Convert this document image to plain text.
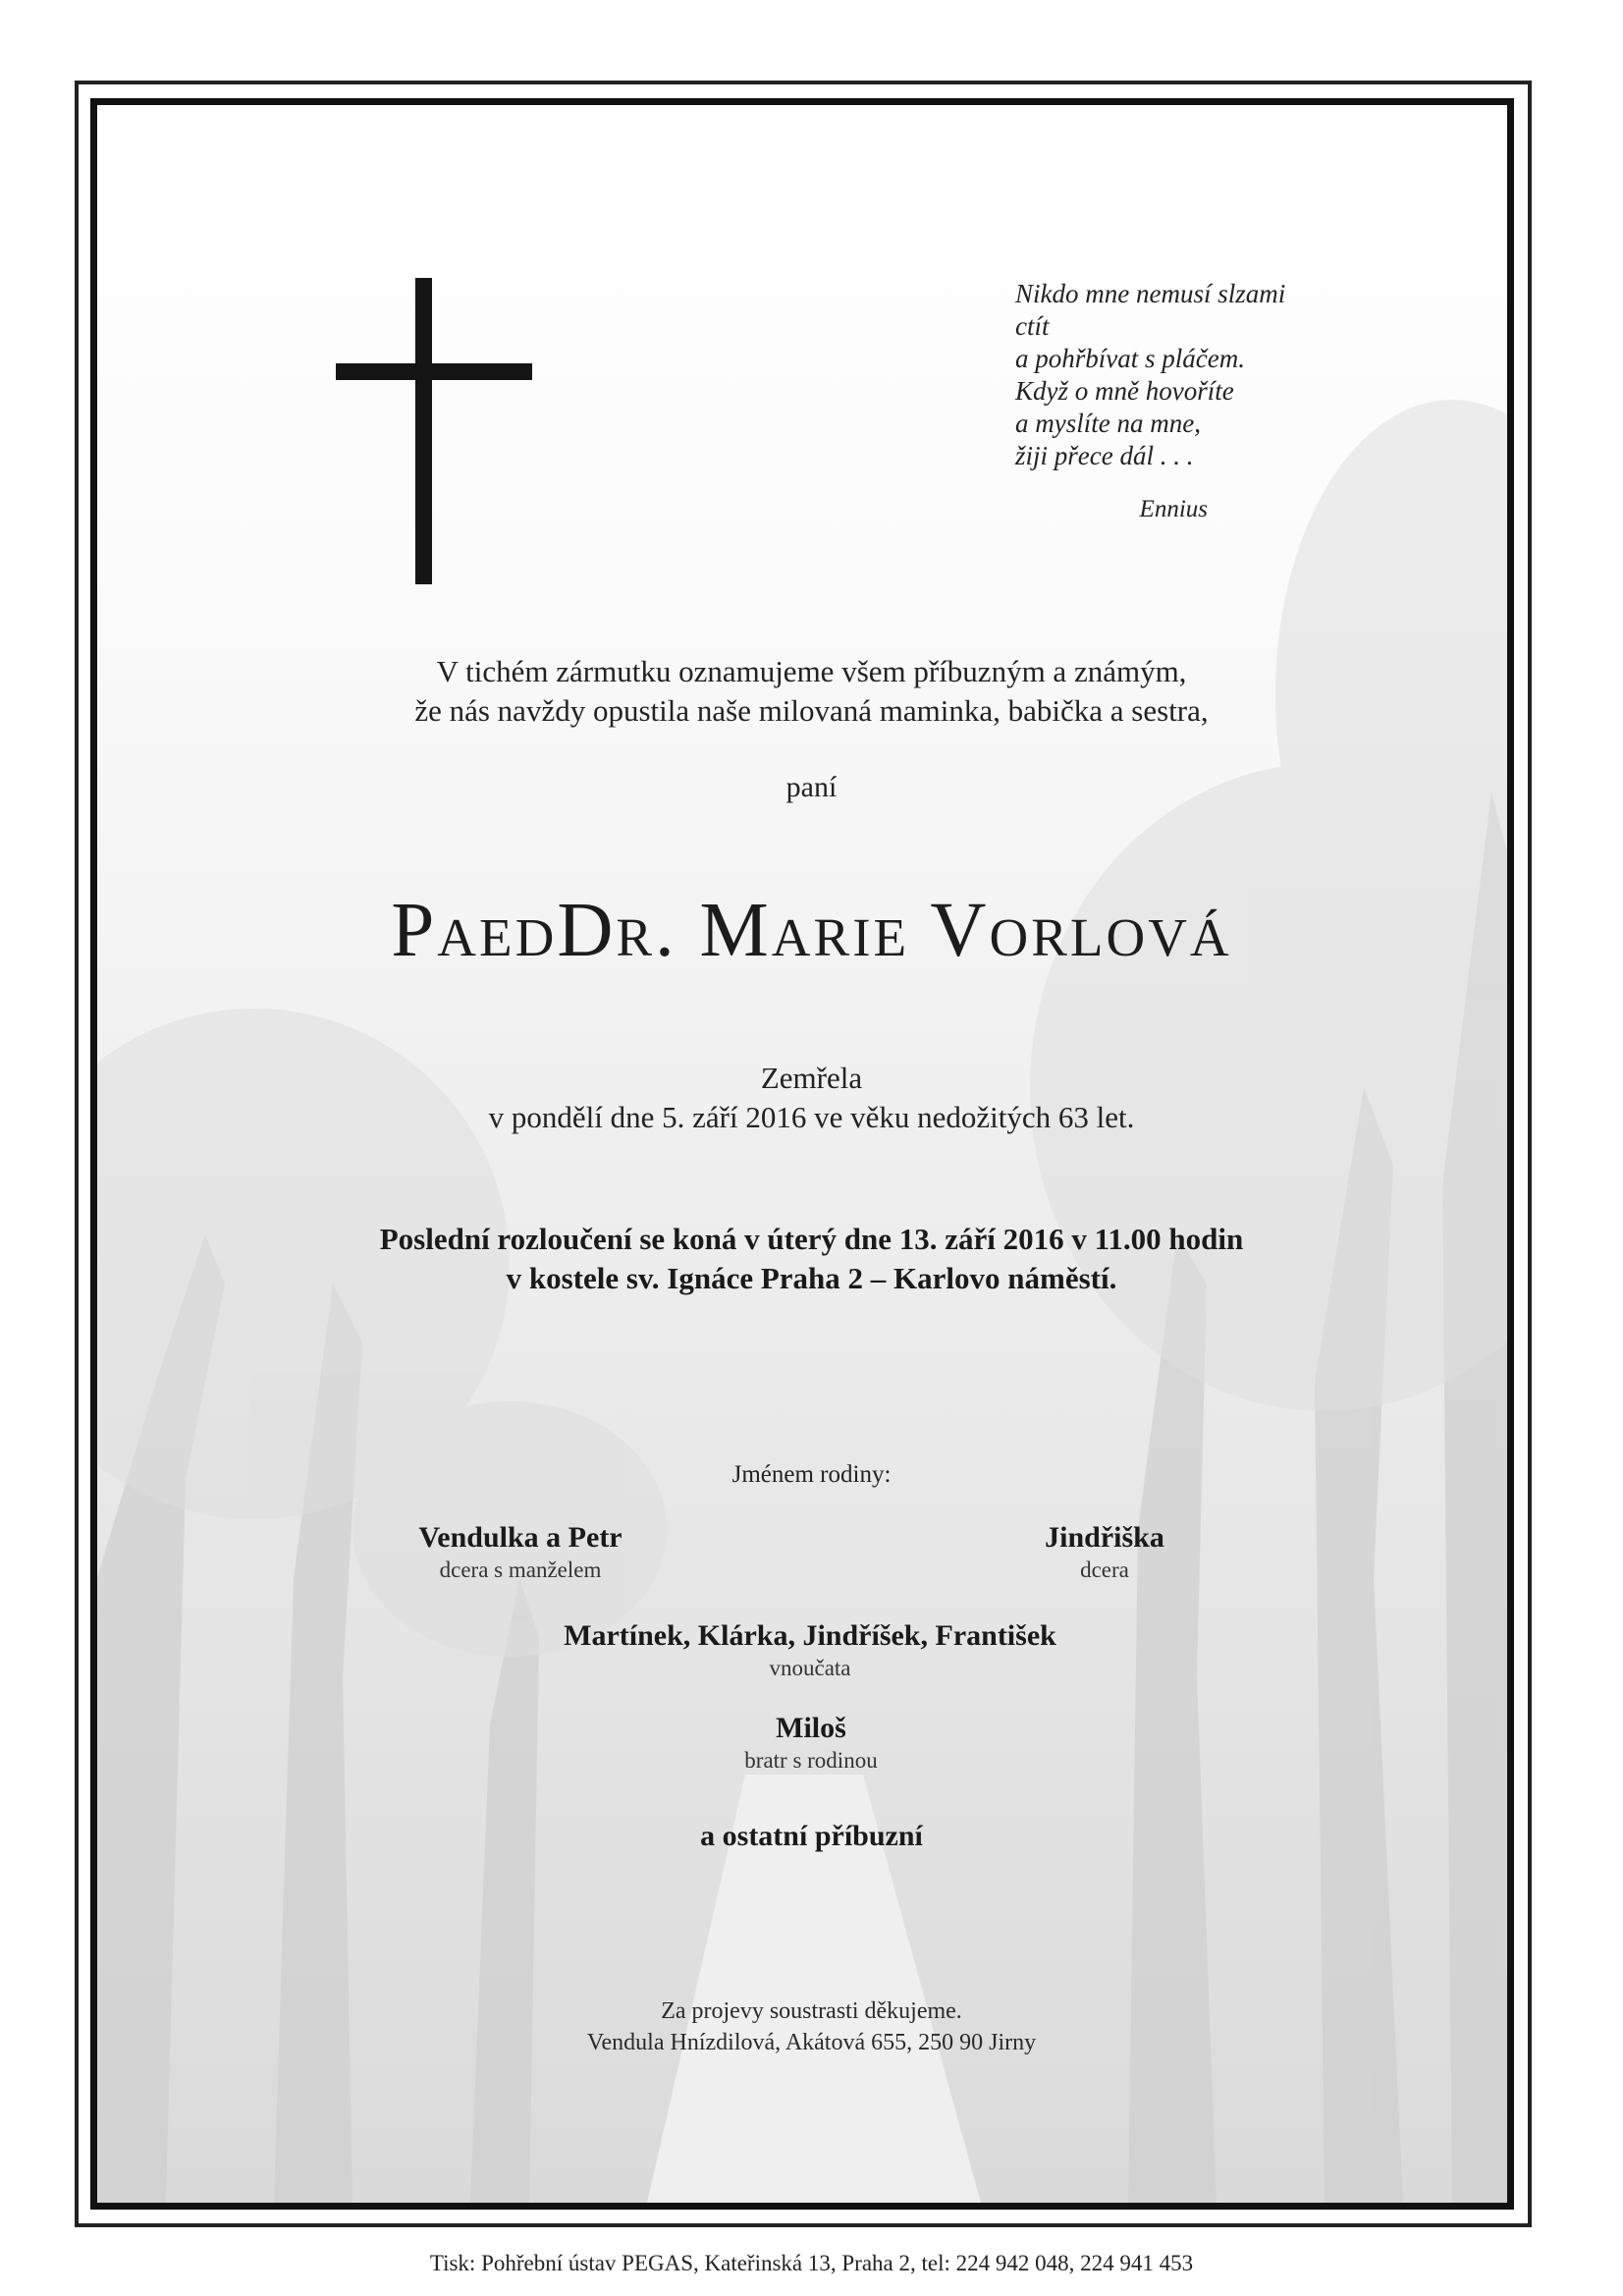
Nikdo mne nemusí slzami
ctít
a pohřbívat s pláčem.
Když o mně hovoříte
a myslíte na mne,
žiji přece dál . . .
Ennius
V tichém zármutku oznamujeme všem příbuzným a známým,
že nás navždy opustila naše milovaná maminka, babička a sestra,
paní
PaedDr. Marie Vorlová
Zemřela
v pondělí dne 5. září 2016 ve věku nedožitých 63 let.
Poslední rozloučení se koná v úterý dne 13. září 2016 v 11.00 hodin
v kostele sv. Ignáce Praha 2 – Karlovo náměstí.
Jménem rodiny:
Vendulka a Petr
dcera s manželem
Jindřiška
dcera
Martínek, Klárka, Jindříšek, František
vnoučata
Miloš
bratr s rodinou
a ostatní příbuzní
Za projevy soustrasti děkujeme.
Vendula Hnízdilová, Akátová 655, 250 90 Jirny
Tisk: Pohřební ústav PEGAS, Kateřinská 13, Praha 2, tel: 224 942 048, 224 941 453
